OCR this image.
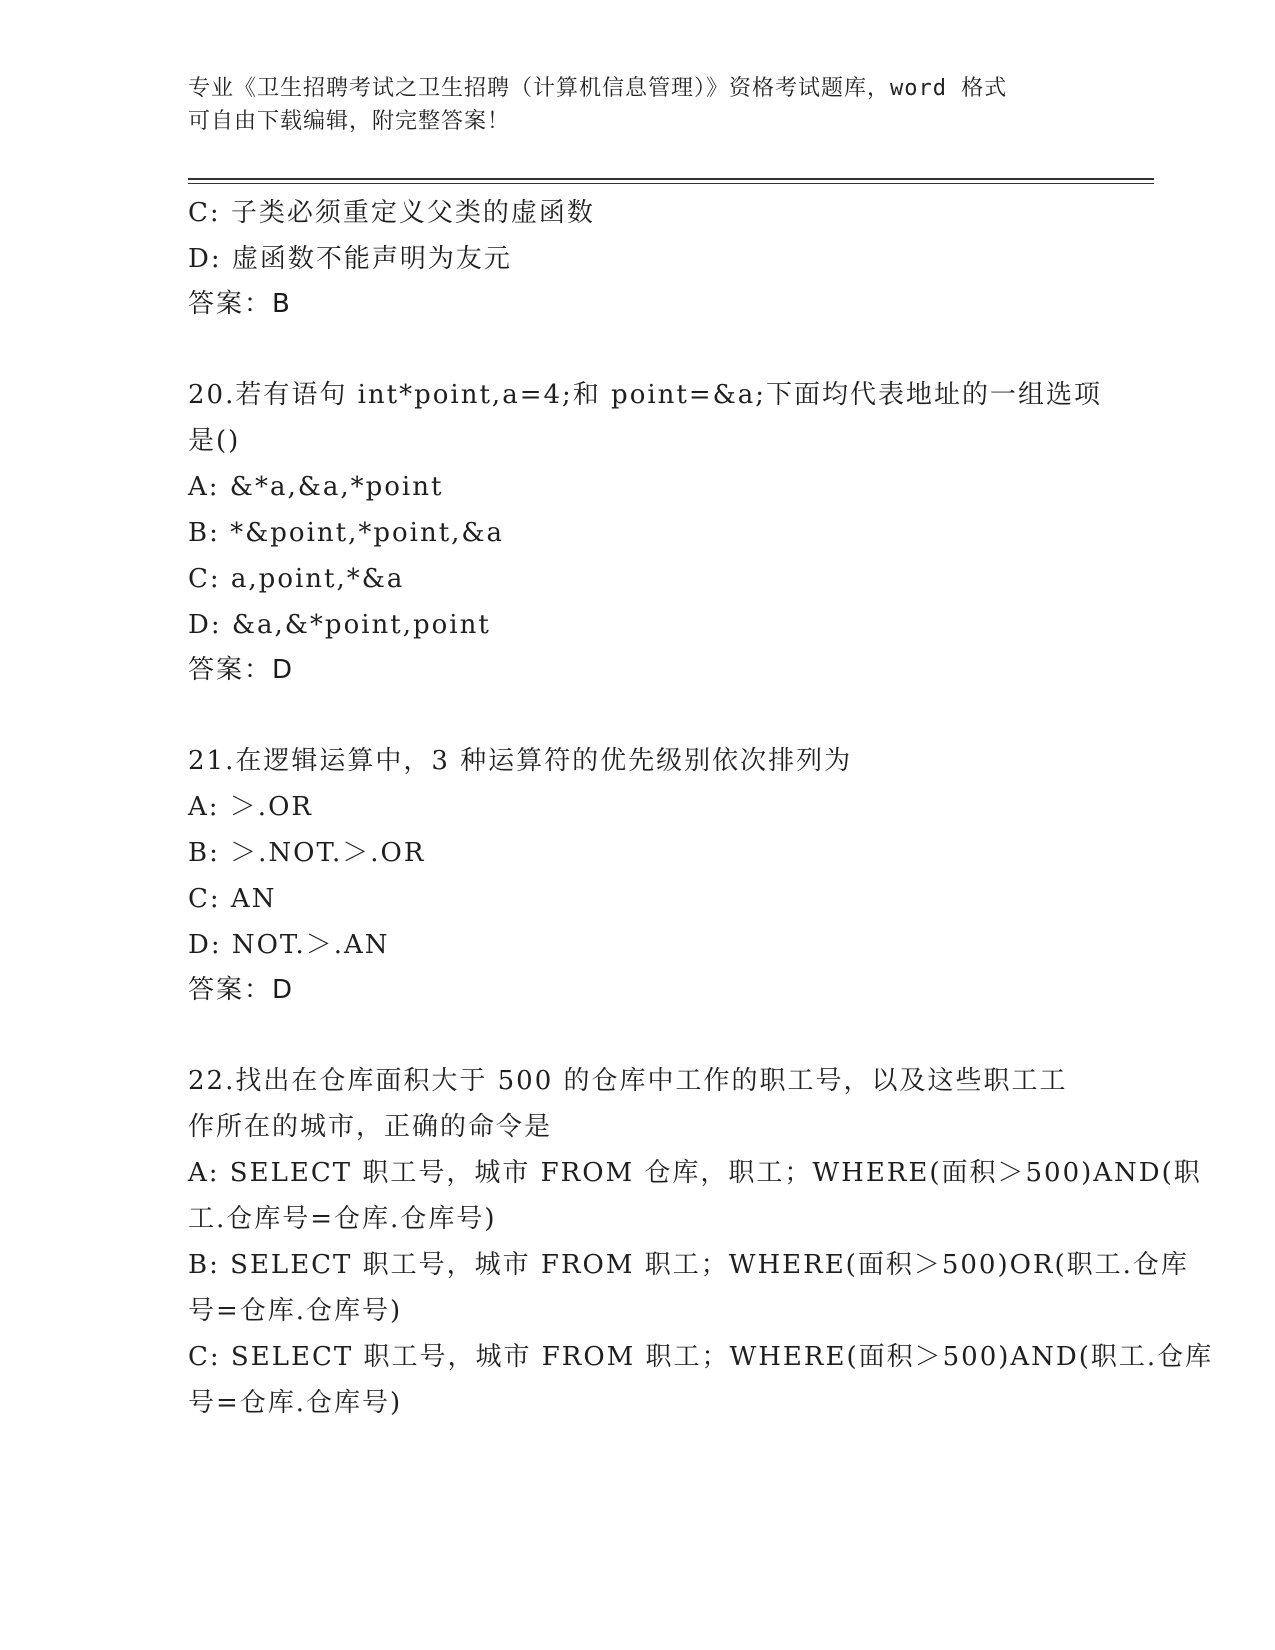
专业《卫生招聘考试之卫生招聘（计算机信息管理）》资格考试题库，word 格式
可自由下载编辑，附完整答案！
C: 子类必须重定义父类的虚函数
D: 虚函数不能声明为友元
答案：B
20.若有语句 int*point,a=4;和 point=&a;下面均代表地址的一组选项
是()
A: &*a,&a,*point
B: *&point,*point,&a
C: a,point,*&a
D: &a,&*point,point
答案：D
21.在逻辑运算中，3 种运算符的优先级别依次排列为
A: ＞.OR
B: ＞.NOT.＞.OR
C: AN
D: NOT.＞.AN
答案：D
22.找出在仓库面积大于 500 的仓库中工作的职工号，以及这些职工工
作所在的城市，正确的命令是
A: SELECT 职工号，城市 FROM 仓库，职工；WHERE(面积＞500)AND(职
工.仓库号=仓库.仓库号)
B: SELECT 职工号，城市 FROM 职工；WHERE(面积＞500)OR(职工.仓库
号=仓库.仓库号)
C: SELECT 职工号，城市 FROM 职工；WHERE(面积＞500)AND(职工.仓库
号=仓库.仓库号)
